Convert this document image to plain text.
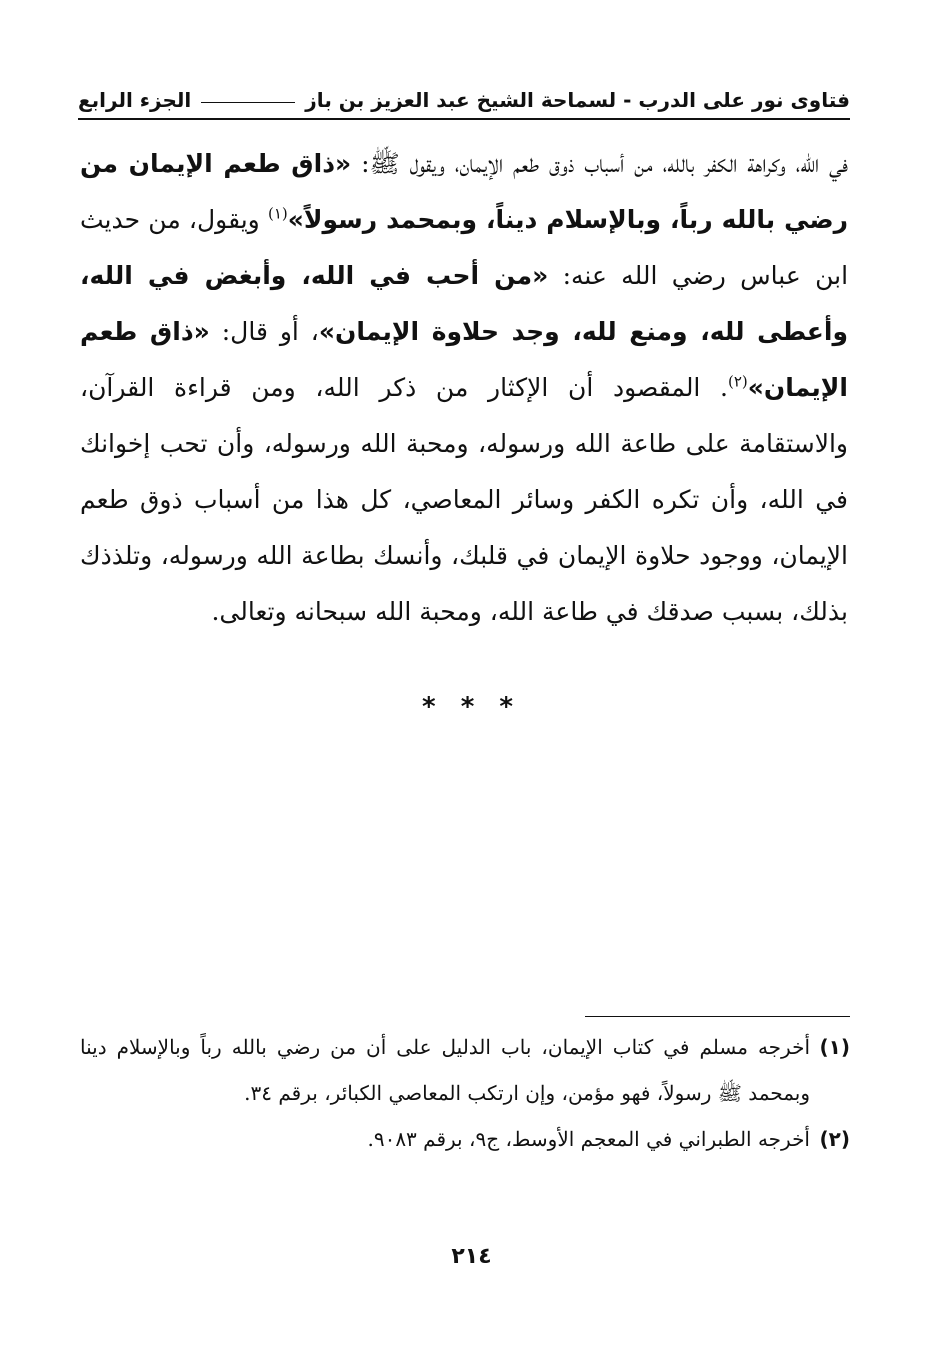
فتاوى نور على الدرب - لسماحة الشيخ عبد العزيز بن باز
الجزء الرابع

في الله، وكراهة الكفر بالله، من أسباب ذوق طعم الإيمان، ويقول ﷺ: «ذاق طعم الإيمان من رضي بالله رباً، وبالإسلام ديناً، وبمحمد رسولاً»$^{(١)}$ ويقول، من حديث ابن عباس رضي الله عنه: «من أحب في الله، وأبغض في الله، وأعطى لله، ومنع لله، وجد حلاوة الإيمان»، أو قال: «ذاق طعم الإيمان»$^{(٢)}$. المقصود أن الإكثار من ذكر الله، ومن قراءة القرآن، والاستقامة على طاعة الله ورسوله، ومحبة الله ورسوله، وأن تحب إخوانك في الله، وأن تكره الكفر وسائر المعاصي، كل هذا من أسباب ذوق طعم الإيمان، ووجود حلاوة الإيمان في قلبك، وأنسك بطاعة الله ورسوله، وتلذذك بذلك، بسبب صدقك في طاعة الله، ومحبة الله سبحانه وتعالى.

* * *
(١)
أخرجه مسلم في كتاب الإيمان، باب الدليل على أن من رضي بالله رباً وبالإسلام دينا وبمحمد ﷺ رسولاً، فهو مؤمن، وإن ارتكب المعاصي الكبائر، برقم ٣٤.
(٢)
أخرجه الطبراني في المعجم الأوسط، ج٩، برقم ٩٠٨٣.
٢١٤
